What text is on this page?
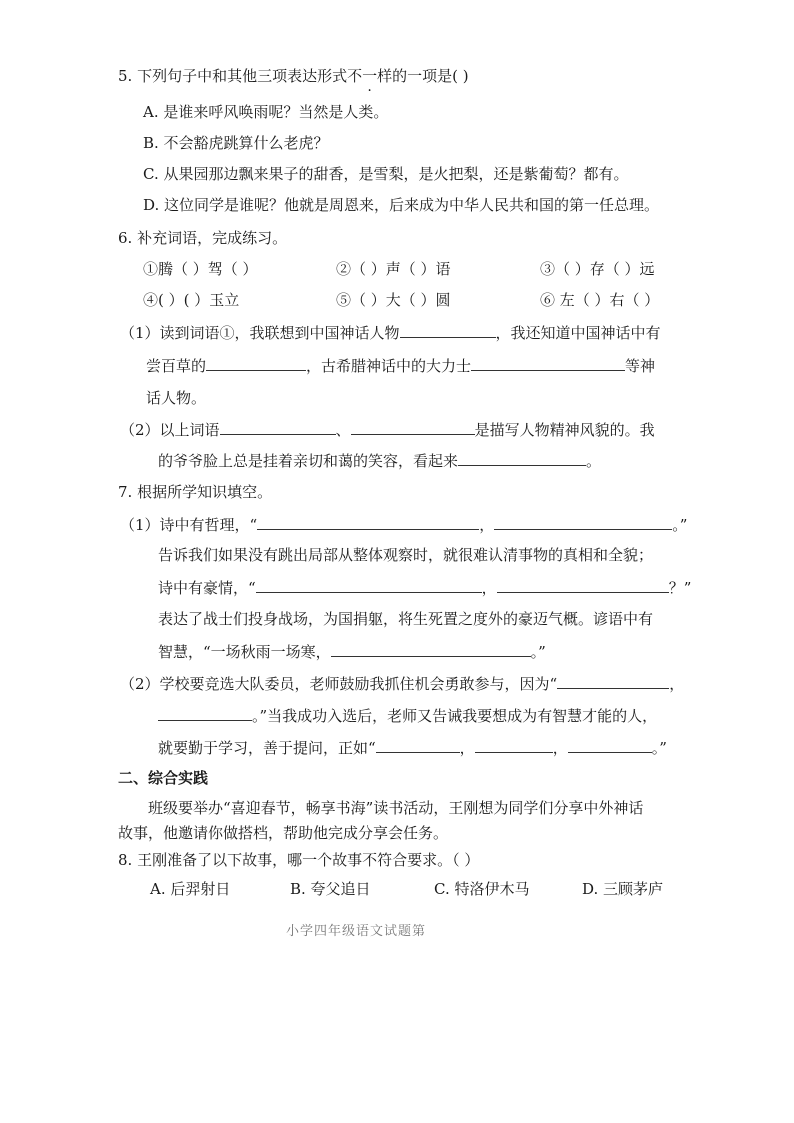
5. 下列句子中和其他三项表达形式不一样的一项是( )
A. 是谁来呼风唤雨呢？当然是人类。
B. 不会豁虎跳算什么老虎？
C. 从果园那边飘来果子的甜香，是雪梨，是火把梨，还是紫葡萄？都有。
D. 这位同学是谁呢？他就是周恩来，后来成为中华人民共和国的第一任总理。
6. 补充词语，完成练习。
①腾（ ）驾（ ）	②（ ）声（ ）语	③（ ）存（ ）远
④( ）( ）玉立	⑤（ ）大（ ）圆	⑥ 左（ ）右（ ）
（1）读到词语①，我联想到中国神话人物	，我还知道中国神话中有
尝百草的	，古希腊神话中的大力士	等神
话人物。
（2）以上词语	、	是描写人物精神风貌的。我
的爷爷脸上总是挂着亲切和蔼的笑容，看起来	。
7. 根据所学知识填空。
（1）诗中有哲理，“	，	。”
告诉我们如果没有跳出局部从整体观察时，就很难认清事物的真相和全貌；
诗中有豪情，“	，	？”
表达了战士们投身战场，为国捐躯，将生死置之度外的豪迈气概。谚语中有
智慧，“一场秋雨一场寒，	。”
（2）学校要竞选大队委员，老师鼓励我抓住机会勇敢参与，因为“	，
。”当我成功入选后，老师又告诫我要想成为有智慧才能的人，
就要勤于学习，善于提问，正如“	，	，	。”
二、综合实践
班级要举办“喜迎春节，畅享书海”读书活动，王刚想为同学们分享中外神话
故事，他邀请你做搭档，帮助他完成分享会任务。
8. 王刚准备了以下故事，哪一个故事不符合要求。（ ）
A. 后羿射日	B. 夸父追日	C. 特洛伊木马	D. 三顾茅庐
小学四年级语文试题第
